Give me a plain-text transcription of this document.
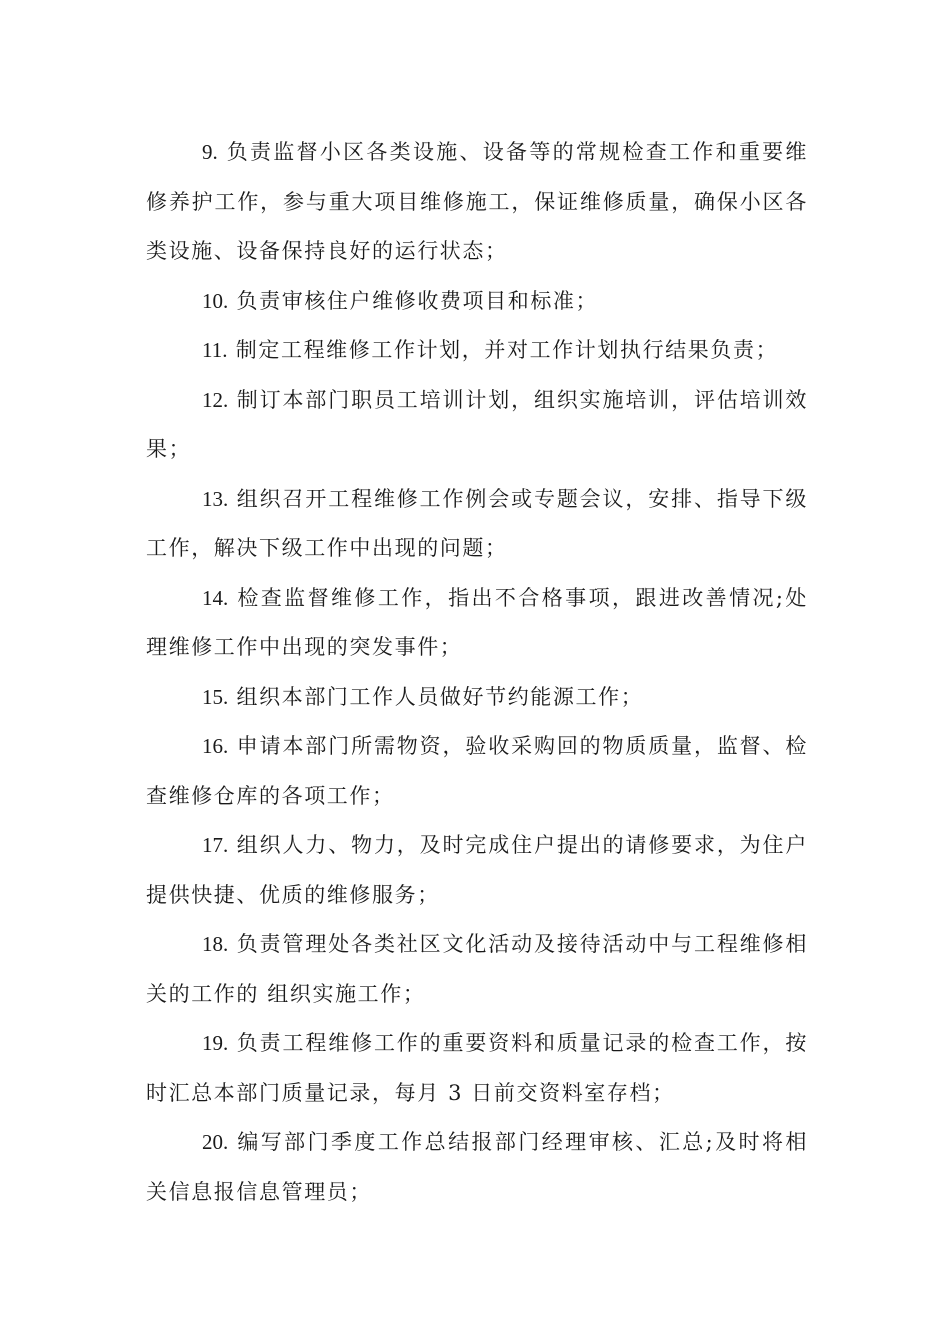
9. 负责监督小区各类设施、设备等的常规检查工作和重要维修养护工作，参与重大项目维修施工，保证维修质量，确保小区各类设施、设备保持良好的运行状态；

10. 负责审核住户维修收费项目和标准；

11. 制定工程维修工作计划，并对工作计划执行结果负责；

12. 制订本部门职员工培训计划，组织实施培训，评估培训效果；

13. 组织召开工程维修工作例会或专题会议，安排、指导下级工作，解决下级工作中出现的问题；

14. 检查监督维修工作，指出不合格事项，跟进改善情况;处理维修工作中出现的突发事件；

15. 组织本部门工作人员做好节约能源工作；

16. 申请本部门所需物资，验收采购回的物质质量，监督、检查维修仓库的各项工作；

17. 组织人力、物力，及时完成住户提出的请修要求，为住户提供快捷、优质的维修服务；

18. 负责管理处各类社区文化活动及接待活动中与工程维修相关的工作的 组织实施工作；

19. 负责工程维修工作的重要资料和质量记录的检查工作，按时汇总本部门质量记录，每月 3 日前交资料室存档；

20. 编写部门季度工作总结报部门经理审核、汇总;及时将相关信息报信息管理员；
